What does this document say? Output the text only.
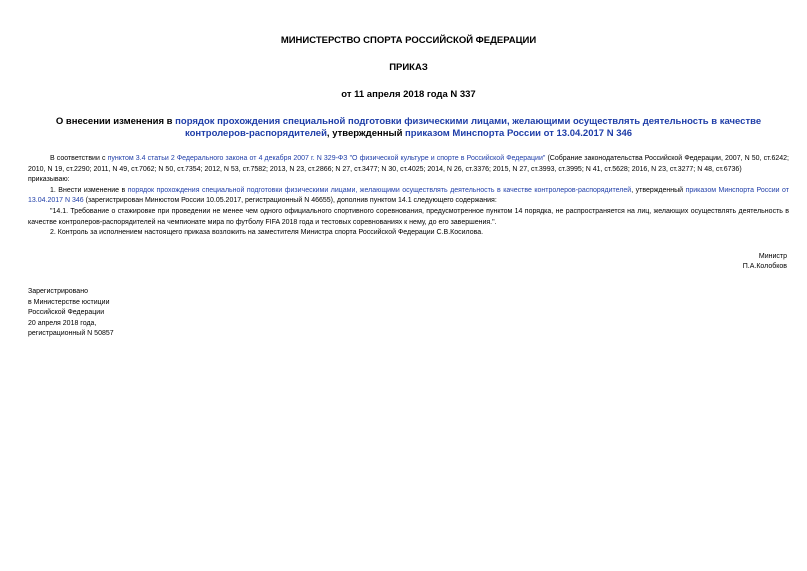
МИНИСТЕРСТВО СПОРТА РОССИЙСКОЙ ФЕДЕРАЦИИ

ПРИКАЗ

от 11 апреля 2018 года N 337

О внесении изменения в порядок прохождения специальной подготовки физическими лицами, желающими осуществлять деятельность в качестве контролеров-распорядителей, утвержденный приказом Минспорта России от 13.04.2017 N 346

В соответствии с пунктом 3.4 статьи 2 Федерального закона от 4 декабря 2007 г. N 329-ФЗ "О физической культуре и спорте в Российской Федерации" (Собрание законодательства Российской Федерации, 2007, N 50, ст.6242; 2010, N 19, ст.2290; 2011, N 49, ст.7062; N 50, ст.7354; 2012, N 53, ст.7582; 2013, N 23, ст.2866; N 27, ст.3477; N 30, ст.4025; 2014, N 26, ст.3376; 2015, N 27, ст.3993, ст.3995; N 41, ст.5628; 2016, N 23, ст.3277; N 48, ст.6736)

приказываю:

1. Внести изменение в порядок прохождения специальной подготовки физическими лицами, желающими осуществлять деятельность в качестве контролеров-распорядителей, утвержденный приказом Минспорта России от 13.04.2017 N 346 (зарегистрирован Минюстом России 10.05.2017, регистрационный N 46655), дополнив пунктом 14.1 следующего содержания:

"14.1. Требование о стажировке при проведении не менее чем одного официального спортивного соревнования, предусмотренное пунктом 14 порядка, не распространяется на лиц, желающих осуществлять деятельность в качестве контролеров-распорядителей на чемпионате мира по футболу FIFA 2018 года и тестовых соревнованиях к нему, до его завершения.".

2. Контроль за исполнением настоящего приказа возложить на заместителя Министра спорта Российской Федерации С.В.Косилова.

Министр
П.А.Колобков
Зарегистрировано
в Министерстве юстиции
Российской Федерации
20 апреля 2018 года,
регистрационный N 50857
